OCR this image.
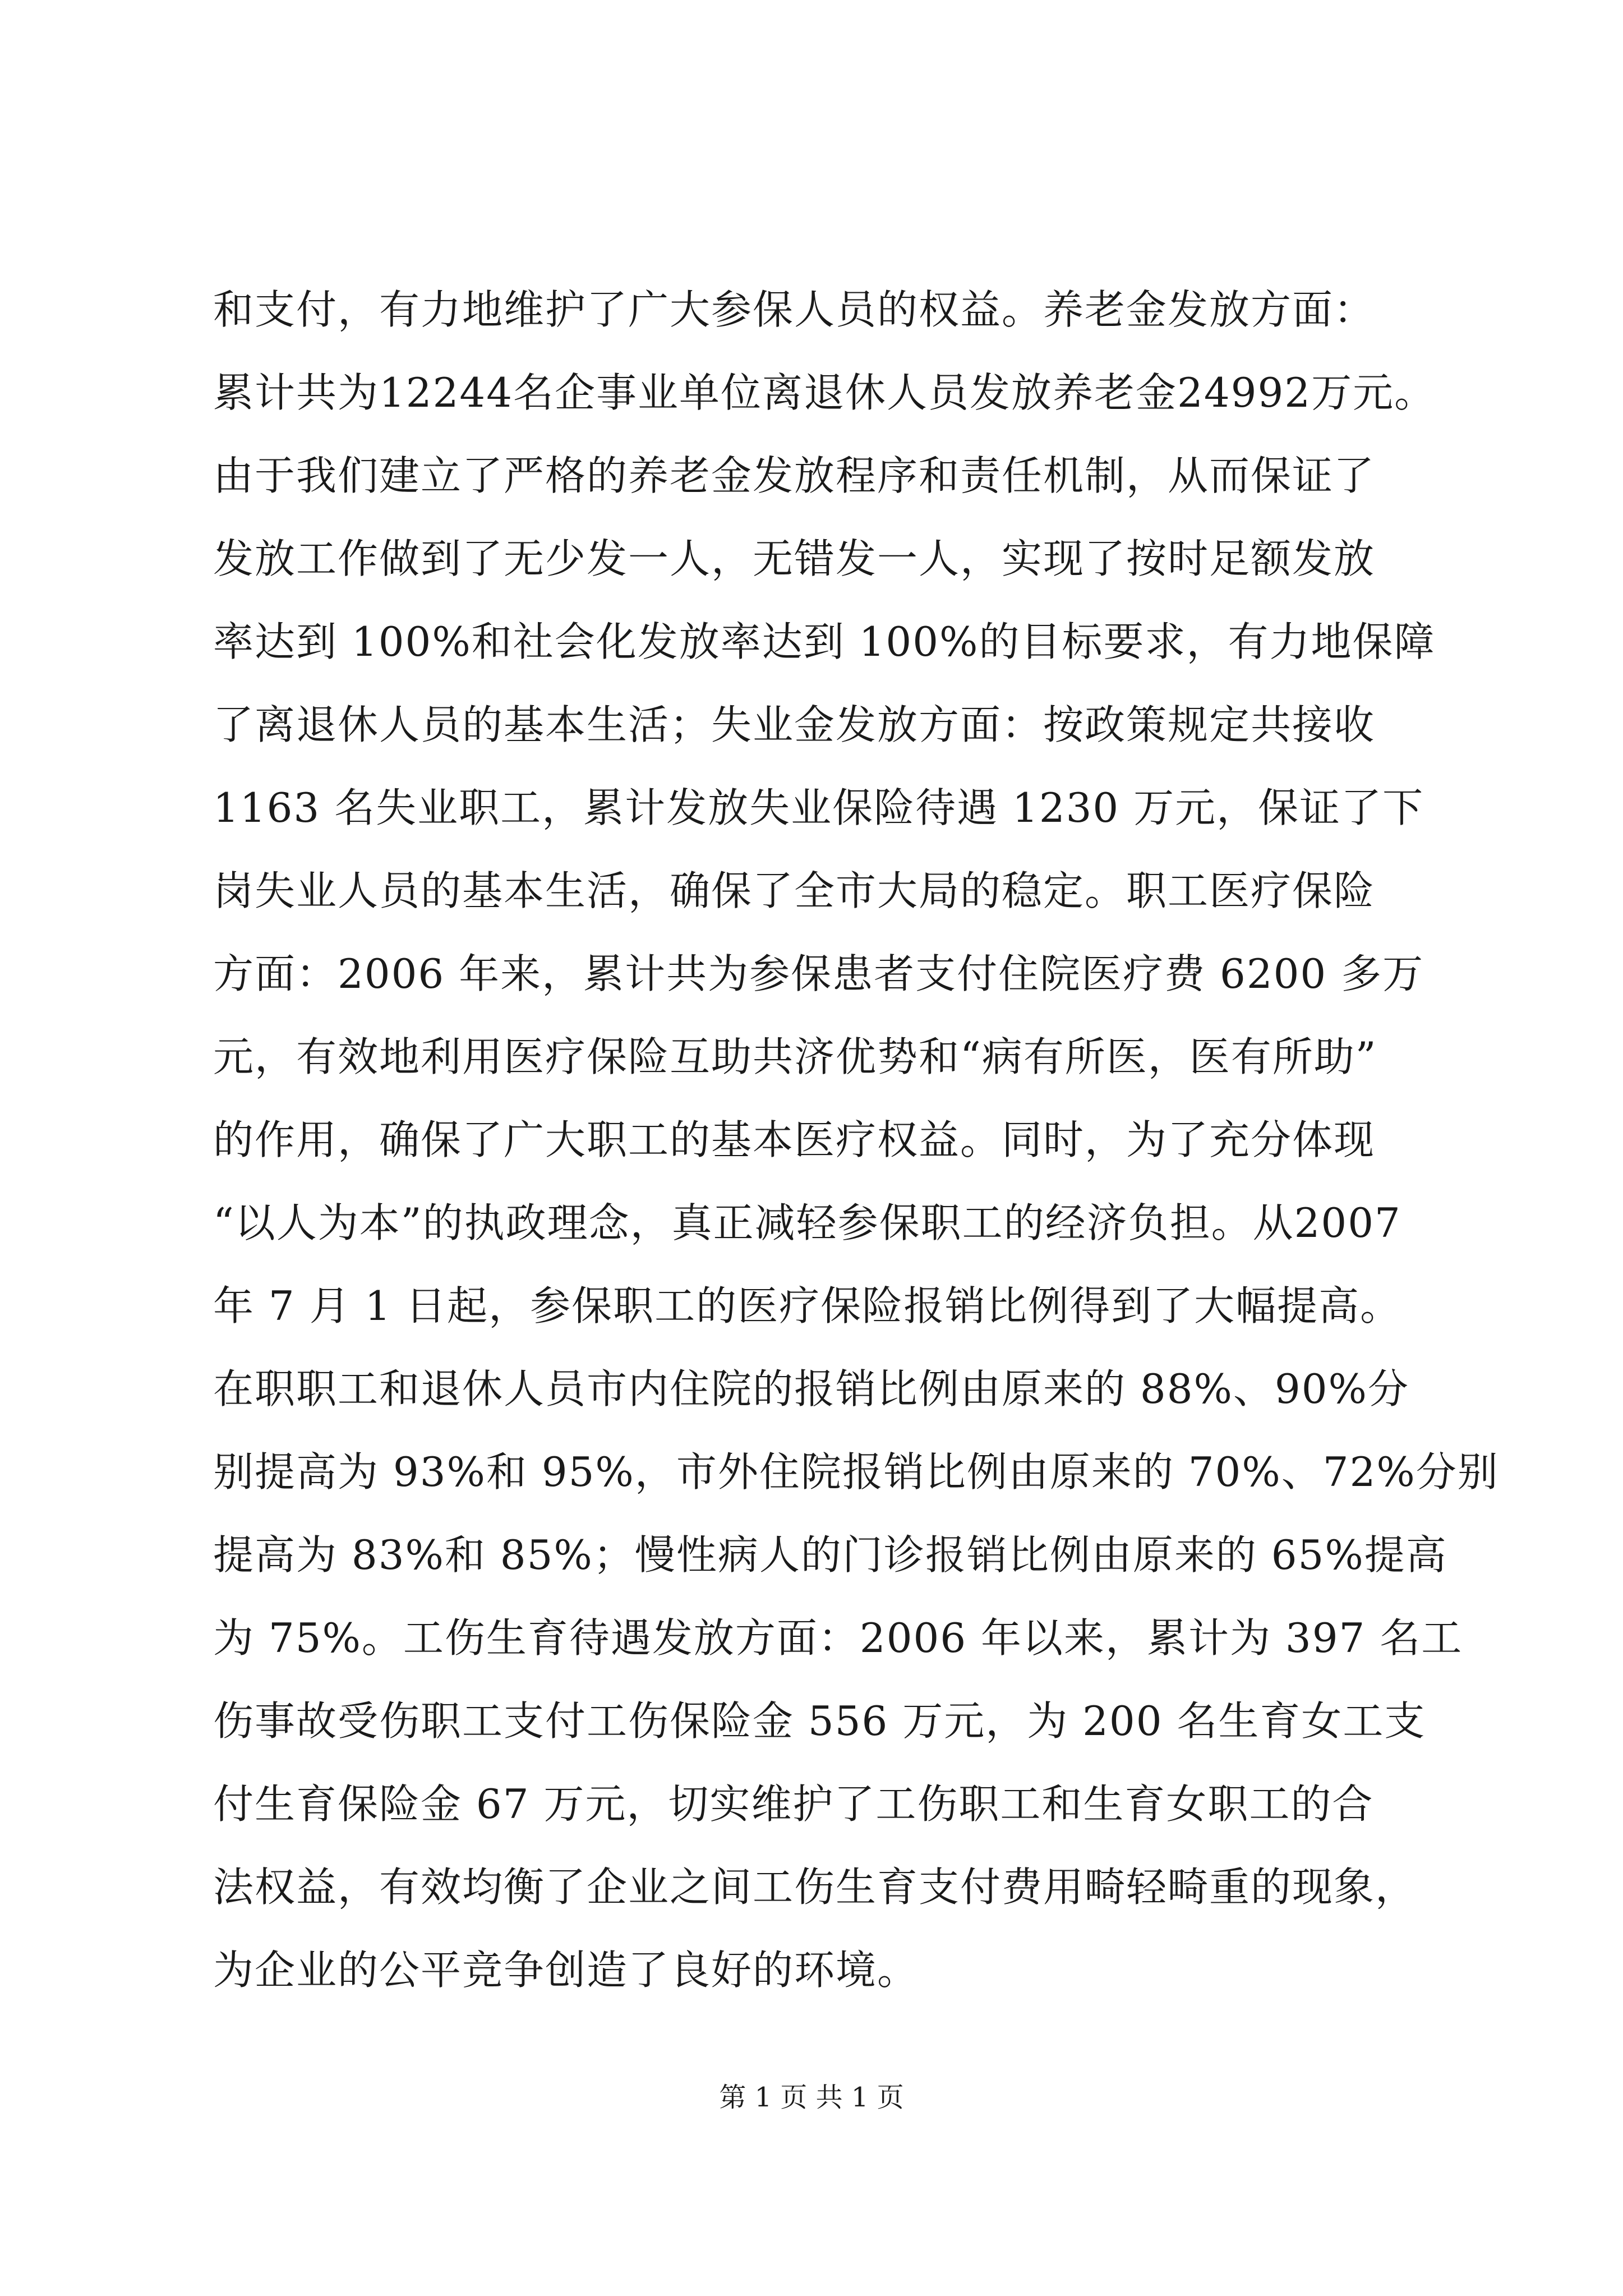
和支付，有力地维护了广大参保人员的权益。养老金发放方面：
累计共为12244名企事业单位离退休人员发放养老金24992万元。
由于我们建立了严格的养老金发放程序和责任机制，从而保证了
发放工作做到了无少发一人，无错发一人，实现了按时足额发放
率达到 100%和社会化发放率达到 100%的目标要求，有力地保障
了离退休人员的基本生活；失业金发放方面：按政策规定共接收
1163 名失业职工，累计发放失业保险待遇 1230 万元，保证了下
岗失业人员的基本生活，确保了全市大局的稳定。职工医疗保险
方面：2006 年来，累计共为参保患者支付住院医疗费 6200 多万
元，有效地利用医疗保险互助共济优势和“病有所医，医有所助”
的作用，确保了广大职工的基本医疗权益。同时，为了充分体现
“以人为本”的执政理念，真正减轻参保职工的经济负担。从2007
年 7 月 1 日起，参保职工的医疗保险报销比例得到了大幅提高。
在职职工和退休人员市内住院的报销比例由原来的 88%、90%分
别提高为 93%和 95%，市外住院报销比例由原来的 70%、72%分别
提高为 83%和 85%；慢性病人的门诊报销比例由原来的 65%提高
为 75%。工伤生育待遇发放方面：2006 年以来，累计为 397 名工
伤事故受伤职工支付工伤保险金 556 万元，为 200 名生育女工支
付生育保险金 67 万元，切实维护了工伤职工和生育女职工的合
法权益，有效均衡了企业之间工伤生育支付费用畸轻畸重的现象，
为企业的公平竞争创造了良好的环境。
第 1 页 共 1 页
